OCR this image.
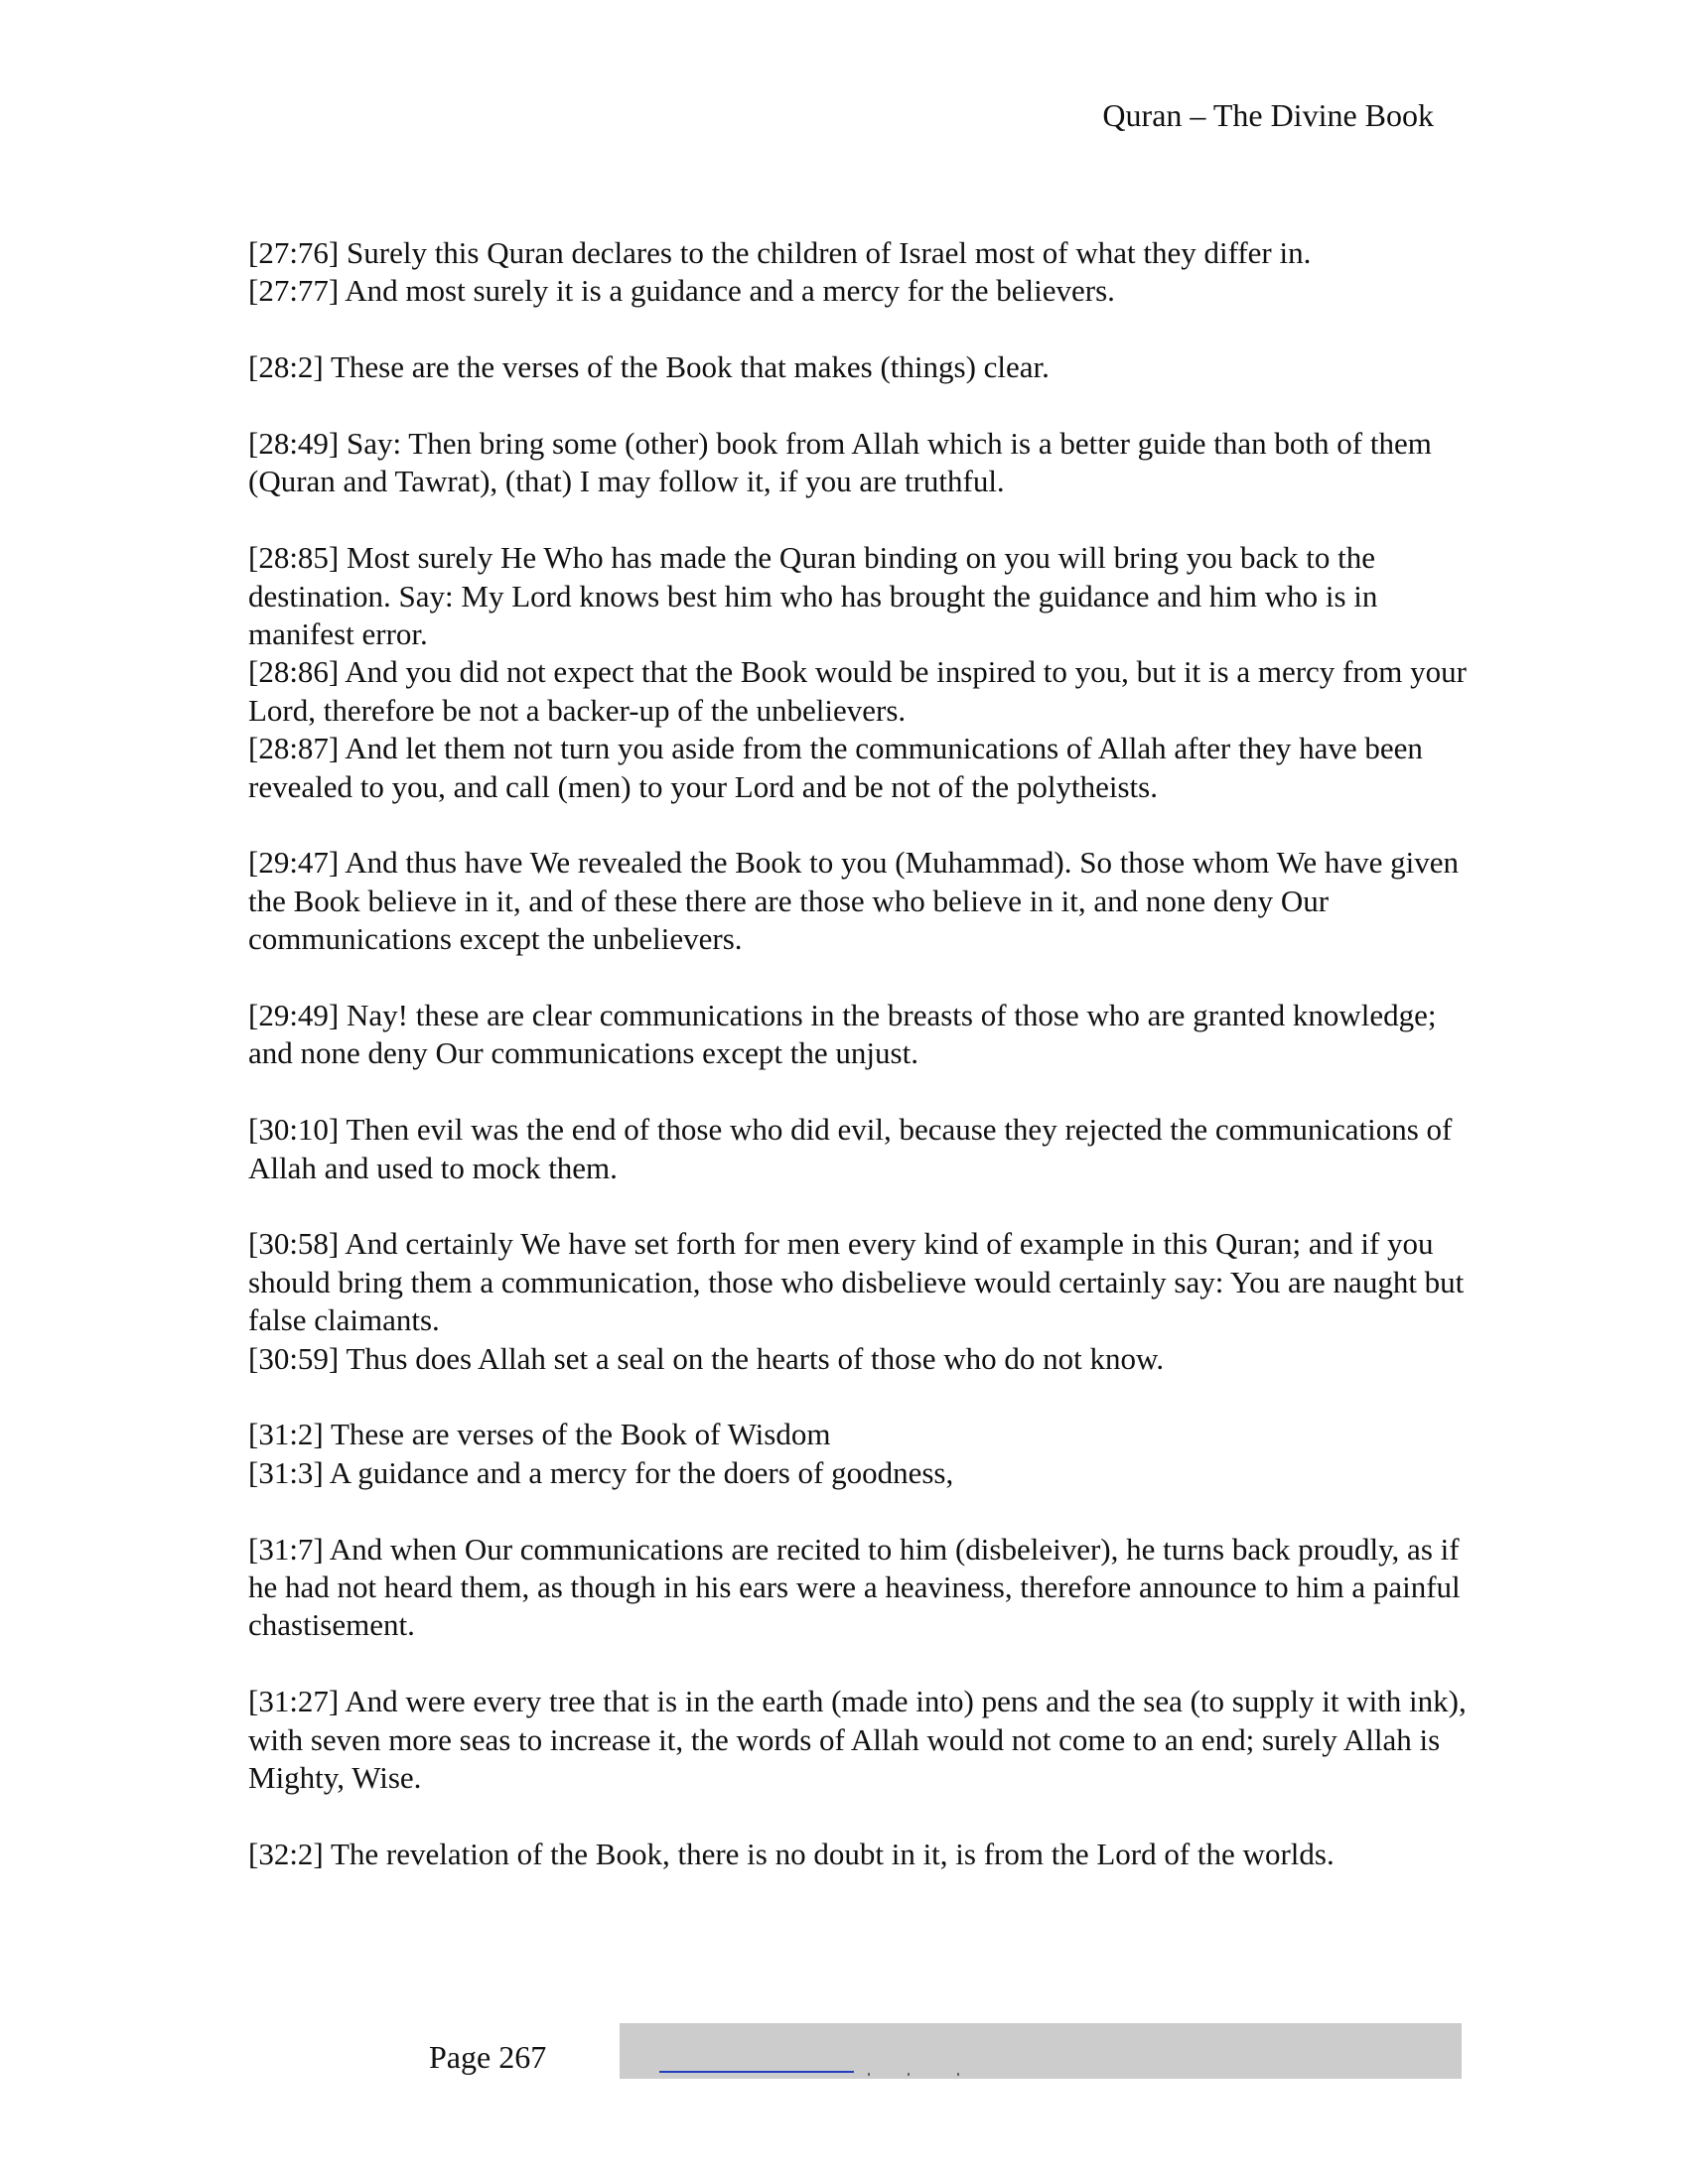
Quran – The Divine Book

[27:76] Surely this Quran declares to the children of Israel most of what they differ in.

[27:77] And most surely it is a guidance and a mercy for the believers.

[28:2] These are the verses of the Book that makes (things) clear.

[28:49] Say: Then bring some (other) book from Allah which is a better guide than both of them (Quran and Tawrat), (that) I may follow it, if you are truthful.

[28:85] Most surely He Who has made the Quran binding on you will bring you back to the destination. Say: My Lord knows best him who has brought the guidance and him who is in manifest error.

[28:86] And you did not expect that the Book would be inspired to you, but it is a mercy from your Lord, therefore be not a backer-up of the unbelievers.

[28:87] And let them not turn you aside from the communications of Allah after they have been revealed to you, and call (men) to your Lord and be not of the polytheists.

[29:47] And thus have We revealed the Book to you (Muhammad). So those whom We have given the Book believe in it, and of these there are those who believe in it, and none deny Our communications except the unbelievers.

[29:49] Nay! these are clear communications in the breasts of those who are granted knowledge; and none deny Our communications except the unjust.

[30:10] Then evil was the end of those who did evil, because they rejected the communications of Allah and used to mock them.

[30:58] And certainly We have set forth for men every kind of example in this Quran; and if you should bring them a communication, those who disbelieve would certainly say: You are naught but false claimants.

[30:59] Thus does Allah set a seal on the hearts of those who do not know.

[31:2] These are verses of the Book of Wisdom

[31:3] A guidance and a mercy for the doers of goodness,

[31:7] And when Our communications are recited to him (disbeleiver), he turns back proudly, as if he had not heard them, as though in his ears were a heaviness, therefore announce to him a painful chastisement.

[31:27] And were every tree that is in the earth (made into) pens and the sea (to supply it with ink), with seven more seas to increase it, the words of Allah would not come to an end; surely Allah is Mighty, Wise.

[32:2] The revelation of the Book, there is no doubt in it, is from the Lord of the worlds.

Page 267
